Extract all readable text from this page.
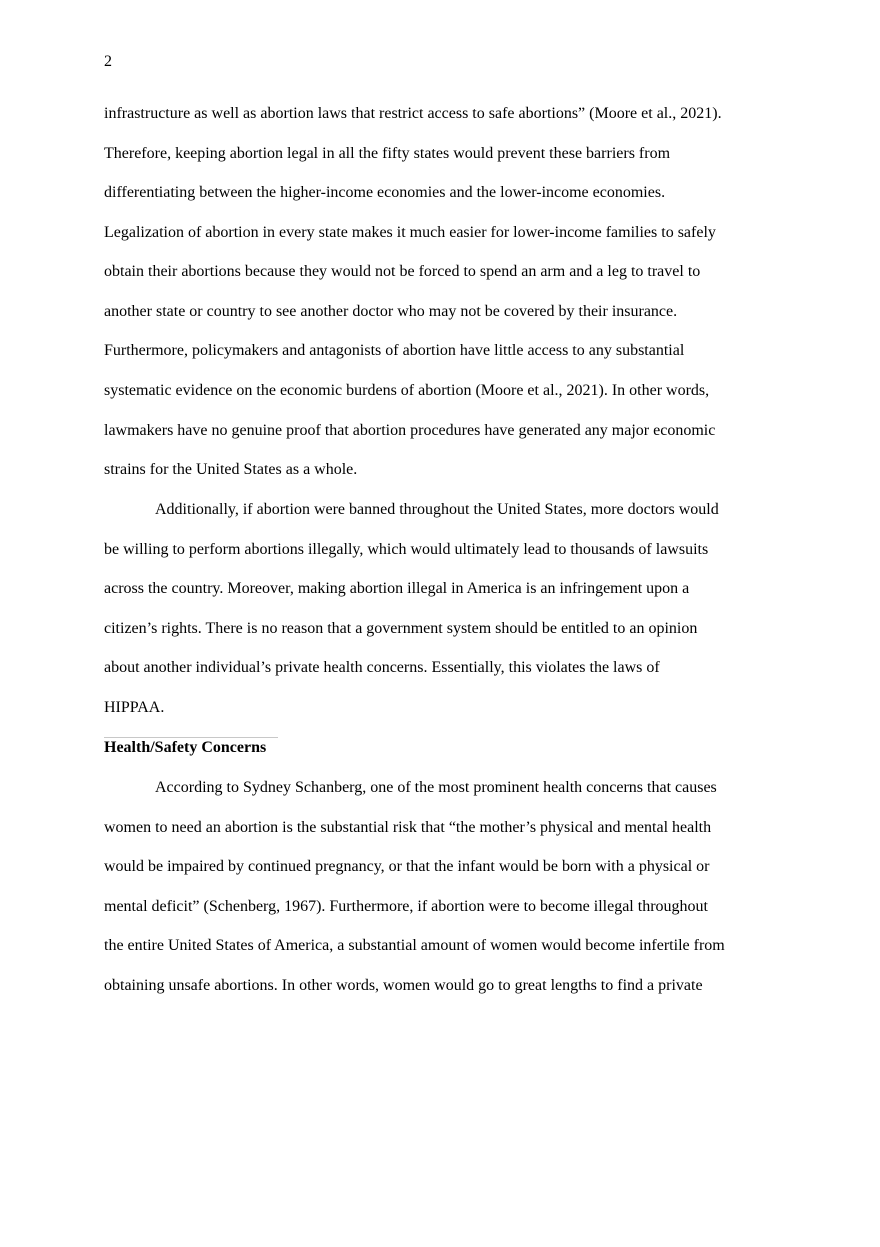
2
infrastructure as well as abortion laws that restrict access to safe abortions” (Moore et al., 2021).
Therefore, keeping abortion legal in all the fifty states would prevent these barriers from
differentiating between the higher-income economies and the lower-income economies.
Legalization of abortion in every state makes it much easier for lower-income families to safely
obtain their abortions because they would not be forced to spend an arm and a leg to travel to
another state or country to see another doctor who may not be covered by their insurance.
Furthermore, policymakers and antagonists of abortion have little access to any substantial
systematic evidence on the economic burdens of abortion (Moore et al., 2021). In other words,
lawmakers have no genuine proof that abortion procedures have generated any major economic
strains for the United States as a whole.
Additionally, if abortion were banned throughout the United States, more doctors would
be willing to perform abortions illegally, which would ultimately lead to thousands of lawsuits
across the country. Moreover, making abortion illegal in America is an infringement upon a
citizen’s rights. There is no reason that a government system should be entitled to an opinion
about another individual’s private health concerns. Essentially, this violates the laws of
HIPPAA.
Health/Safety Concerns
According to Sydney Schanberg, one of the most prominent health concerns that causes
women to need an abortion is the substantial risk that “the mother’s physical and mental health
would be impaired by continued pregnancy, or that the infant would be born with a physical or
mental deficit” (Schenberg, 1967). Furthermore, if abortion were to become illegal throughout
the entire United States of America, a substantial amount of women would become infertile from
obtaining unsafe abortions. In other words, women would go to great lengths to find a private
